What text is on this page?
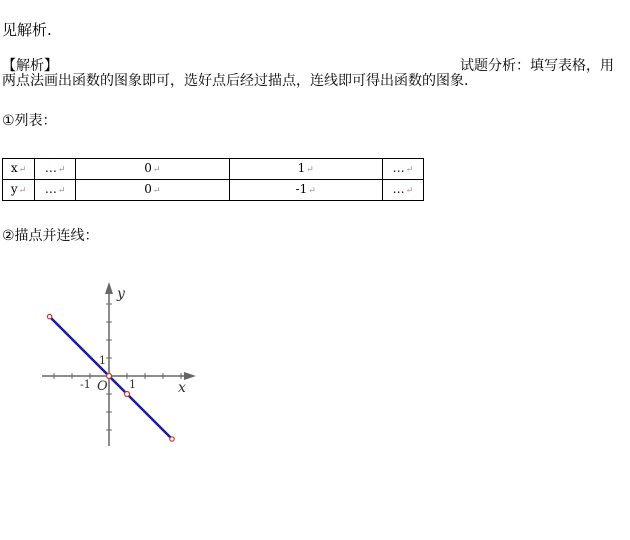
见解析.
【解析】	试题分析：填写表格，用
两点法画出函数的图象即可，选好点后经过描点，连线即可得出函数的图象.
①列表：
x↵	…↵	0↵	1↵	…↵
y↵	…↵	0↵	-1↵	…↵
②描点并连线：
y
x
O
1
-1	1
